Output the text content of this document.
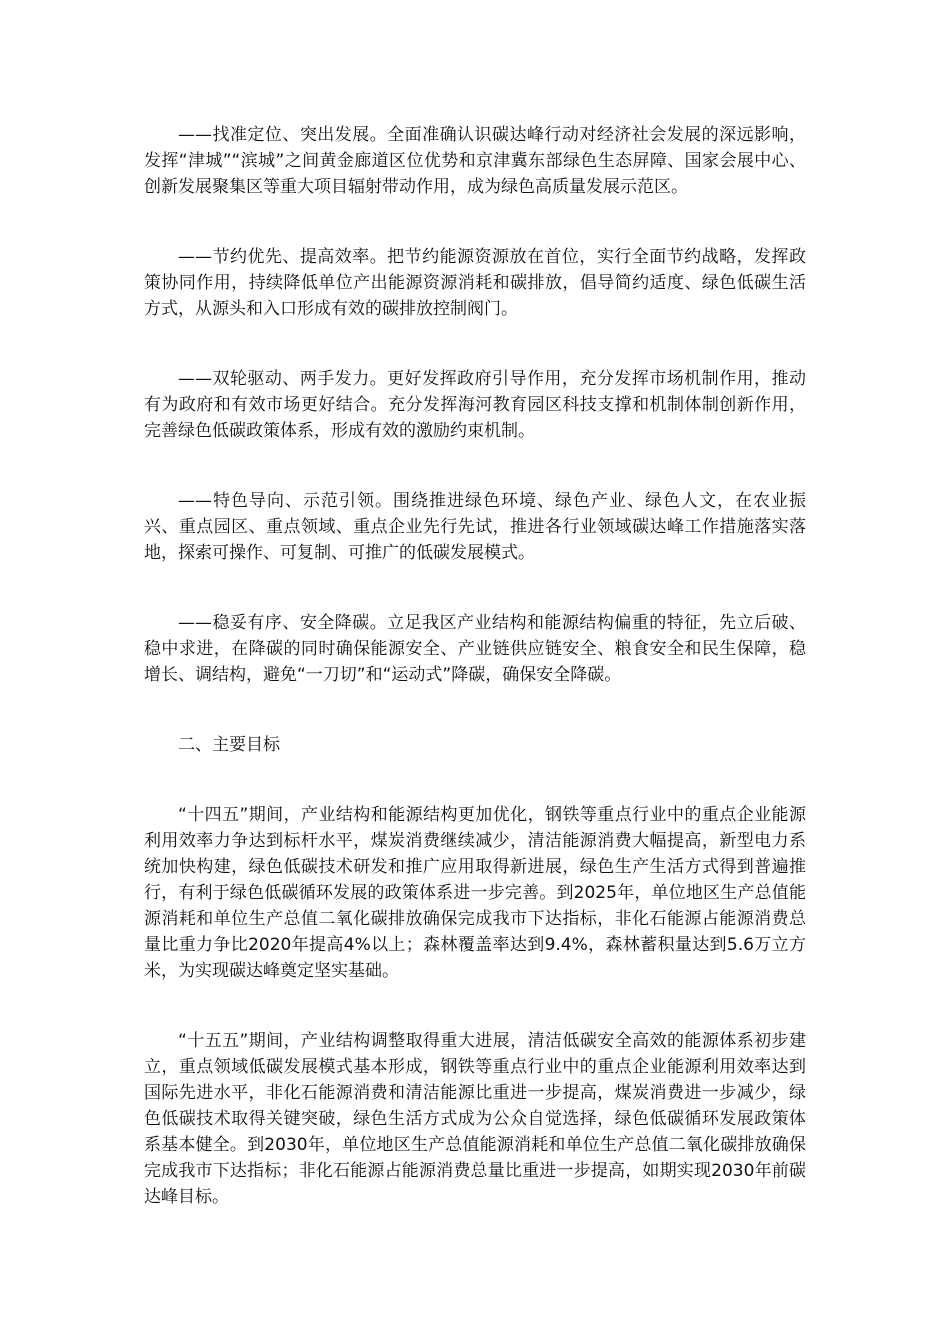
——找准定位、突出发展。全面准确认识碳达峰行动对经济社会发展的深远影响，发挥“津城”“滨城”之间黄金廊道区位优势和京津冀东部绿色生态屏障、国家会展中心、创新发展聚集区等重大项目辐射带动作用，成为绿色高质量发展示范区。

——节约优先、提高效率。把节约能源资源放在首位，实行全面节约战略，发挥政策协同作用，持续降低单位产出能源资源消耗和碳排放，倡导简约适度、绿色低碳生活方式，从源头和入口形成有效的碳排放控制阀门。

——双轮驱动、两手发力。更好发挥政府引导作用，充分发挥市场机制作用，推动有为政府和有效市场更好结合。充分发挥海河教育园区科技支撑和机制体制创新作用，完善绿色低碳政策体系，形成有效的激励约束机制。

——特色导向、示范引领。围绕推进绿色环境、绿色产业、绿色人文，在农业振兴、重点园区、重点领域、重点企业先行先试，推进各行业领域碳达峰工作措施落实落地，探索可操作、可复制、可推广的低碳发展模式。

——稳妥有序、安全降碳。立足我区产业结构和能源结构偏重的特征，先立后破、稳中求进，在降碳的同时确保能源安全、产业链供应链安全、粮食安全和民生保障，稳增长、调结构，避免“一刀切”和“运动式”降碳，确保安全降碳。

二、主要目标

“十四五”期间，产业结构和能源结构更加优化，钢铁等重点行业中的重点企业能源利用效率力争达到标杆水平，煤炭消费继续减少，清洁能源消费大幅提高，新型电力系统加快构建，绿色低碳技术研发和推广应用取得新进展，绿色生产生活方式得到普遍推行，有利于绿色低碳循环发展的政策体系进一步完善。到2025年，单位地区生产总值能源消耗和单位生产总值二氧化碳排放确保完成我市下达指标，非化石能源占能源消费总量比重力争比2020年提高4%以上；森林覆盖率达到9.4%，森林蓄积量达到5.6万立方米，为实现碳达峰奠定坚实基础。

“十五五”期间，产业结构调整取得重大进展，清洁低碳安全高效的能源体系初步建立，重点领域低碳发展模式基本形成，钢铁等重点行业中的重点企业能源利用效率达到国际先进水平，非化石能源消费和清洁能源比重进一步提高，煤炭消费进一步减少，绿色低碳技术取得关键突破，绿色生活方式成为公众自觉选择，绿色低碳循环发展政策体系基本健全。到2030年，单位地区生产总值能源消耗和单位生产总值二氧化碳排放确保完成我市下达指标；非化石能源占能源消费总量比重进一步提高，如期实现2030年前碳达峰目标。
